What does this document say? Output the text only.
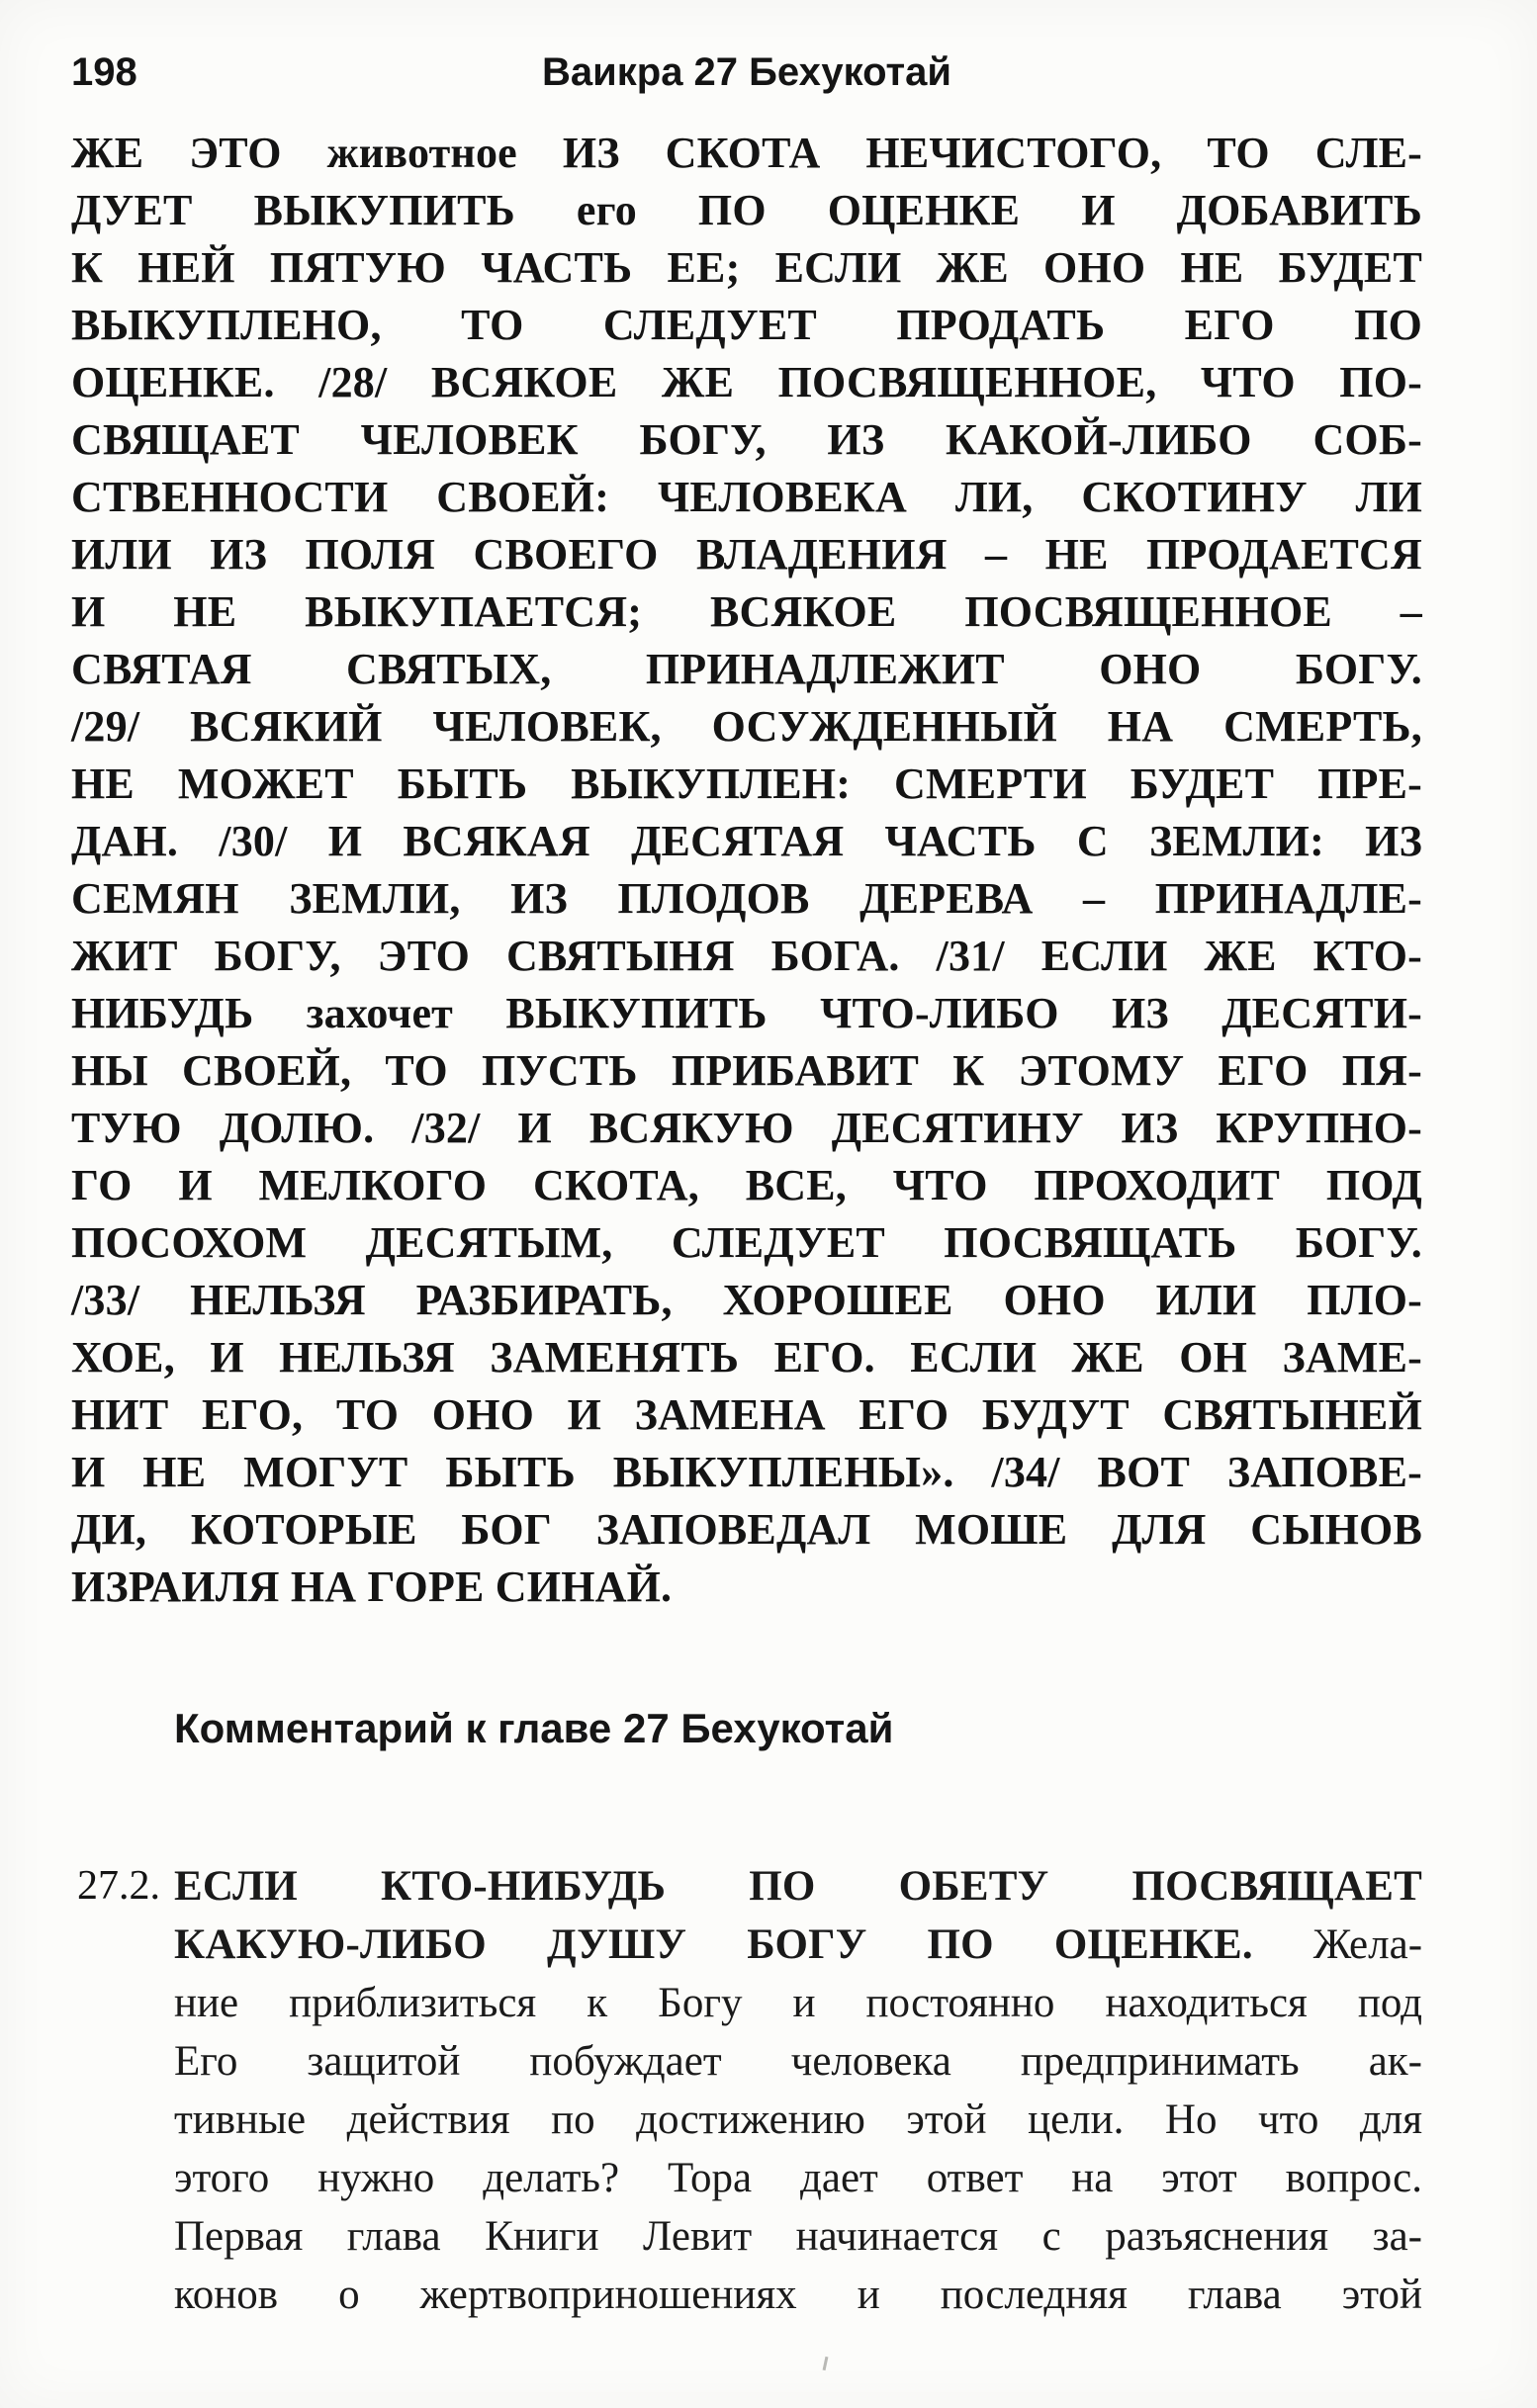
198	Ваикра 27 Бехукотай
ЖЕ ЭТО животное ИЗ СКОТА НЕЧИСТОГО, ТО СЛЕ-
ДУЕТ ВЫКУПИТЬ его ПО ОЦЕНКЕ И ДОБАВИТЬ
К НЕЙ ПЯТУЮ ЧАСТЬ ЕЕ; ЕСЛИ ЖЕ ОНО НЕ БУДЕТ
ВЫКУПЛЕНО, ТО СЛЕДУЕТ ПРОДАТЬ ЕГО ПО
ОЦЕНКЕ. /28/ ВСЯКОЕ ЖЕ ПОСВЯЩЕННОЕ, ЧТО ПО-
СВЯЩАЕТ ЧЕЛОВЕК БОГУ, ИЗ КАКОЙ-ЛИБО СОБ-
СТВЕННОСТИ СВОЕЙ: ЧЕЛОВЕКА ЛИ, СКОТИНУ ЛИ
ИЛИ ИЗ ПОЛЯ СВОЕГО ВЛАДЕНИЯ – НЕ ПРОДАЕТСЯ
И НЕ ВЫКУПАЕТСЯ; ВСЯКОЕ ПОСВЯЩЕННОЕ –
СВЯТАЯ СВЯТЫХ, ПРИНАДЛЕЖИТ ОНО БОГУ.
/29/ ВСЯКИЙ ЧЕЛОВЕК, ОСУЖДЕННЫЙ НА СМЕРТЬ,
НЕ МОЖЕТ БЫТЬ ВЫКУПЛЕН: СМЕРТИ БУДЕТ ПРЕ-
ДАН. /30/ И ВСЯКАЯ ДЕСЯТАЯ ЧАСТЬ С ЗЕМЛИ: ИЗ
СЕМЯН ЗЕМЛИ, ИЗ ПЛОДОВ ДЕРЕВА – ПРИНАДЛЕ-
ЖИТ БОГУ, ЭТО СВЯТЫНЯ БОГА. /31/ ЕСЛИ ЖЕ КТО-
НИБУДЬ захочет ВЫКУПИТЬ ЧТО-ЛИБО ИЗ ДЕСЯТИ-
НЫ СВОЕЙ, ТО ПУСТЬ ПРИБАВИТ К ЭТОМУ ЕГО ПЯ-
ТУЮ ДОЛЮ. /32/ И ВСЯКУЮ ДЕСЯТИНУ ИЗ КРУПНО-
ГО И МЕЛКОГО СКОТА, ВСЕ, ЧТО ПРОХОДИТ ПОД
ПОСОХОМ ДЕСЯТЫМ, СЛЕДУЕТ ПОСВЯЩАТЬ БОГУ.
/33/ НЕЛЬЗЯ РАЗБИРАТЬ, ХОРОШЕЕ ОНО ИЛИ ПЛО-
ХОЕ, И НЕЛЬЗЯ ЗАМЕНЯТЬ ЕГО. ЕСЛИ ЖЕ ОН ЗАМЕ-
НИТ ЕГО, ТО ОНО И ЗАМЕНА ЕГО БУДУТ СВЯТЫНЕЙ
И НЕ МОГУТ БЫТЬ ВЫКУПЛЕНЫ». /34/ ВОТ ЗАПОВЕ-
ДИ, КОТОРЫЕ БОГ ЗАПОВЕДАЛ МОШЕ ДЛЯ СЫНОВ
ИЗРАИЛЯ НА ГОРЕ СИНАЙ.
Комментарий к главе 27 Бехукотай
27.2. ЕСЛИ КТО-НИБУДЬ ПО ОБЕТУ ПОСВЯЩАЕТ
КАКУЮ-ЛИБО ДУШУ БОГУ ПО ОЦЕНКЕ. Жела-
ние приблизиться к Богу и постоянно находиться под
Его защитой побуждает человека предпринимать ак-
тивные действия по достижению этой цели. Но что для
этого нужно делать? Тора дает ответ на этот вопрос.
Первая глава Книги Левит начинается с разъяснения за-
конов о жертвоприношениях и последняя глава этой
